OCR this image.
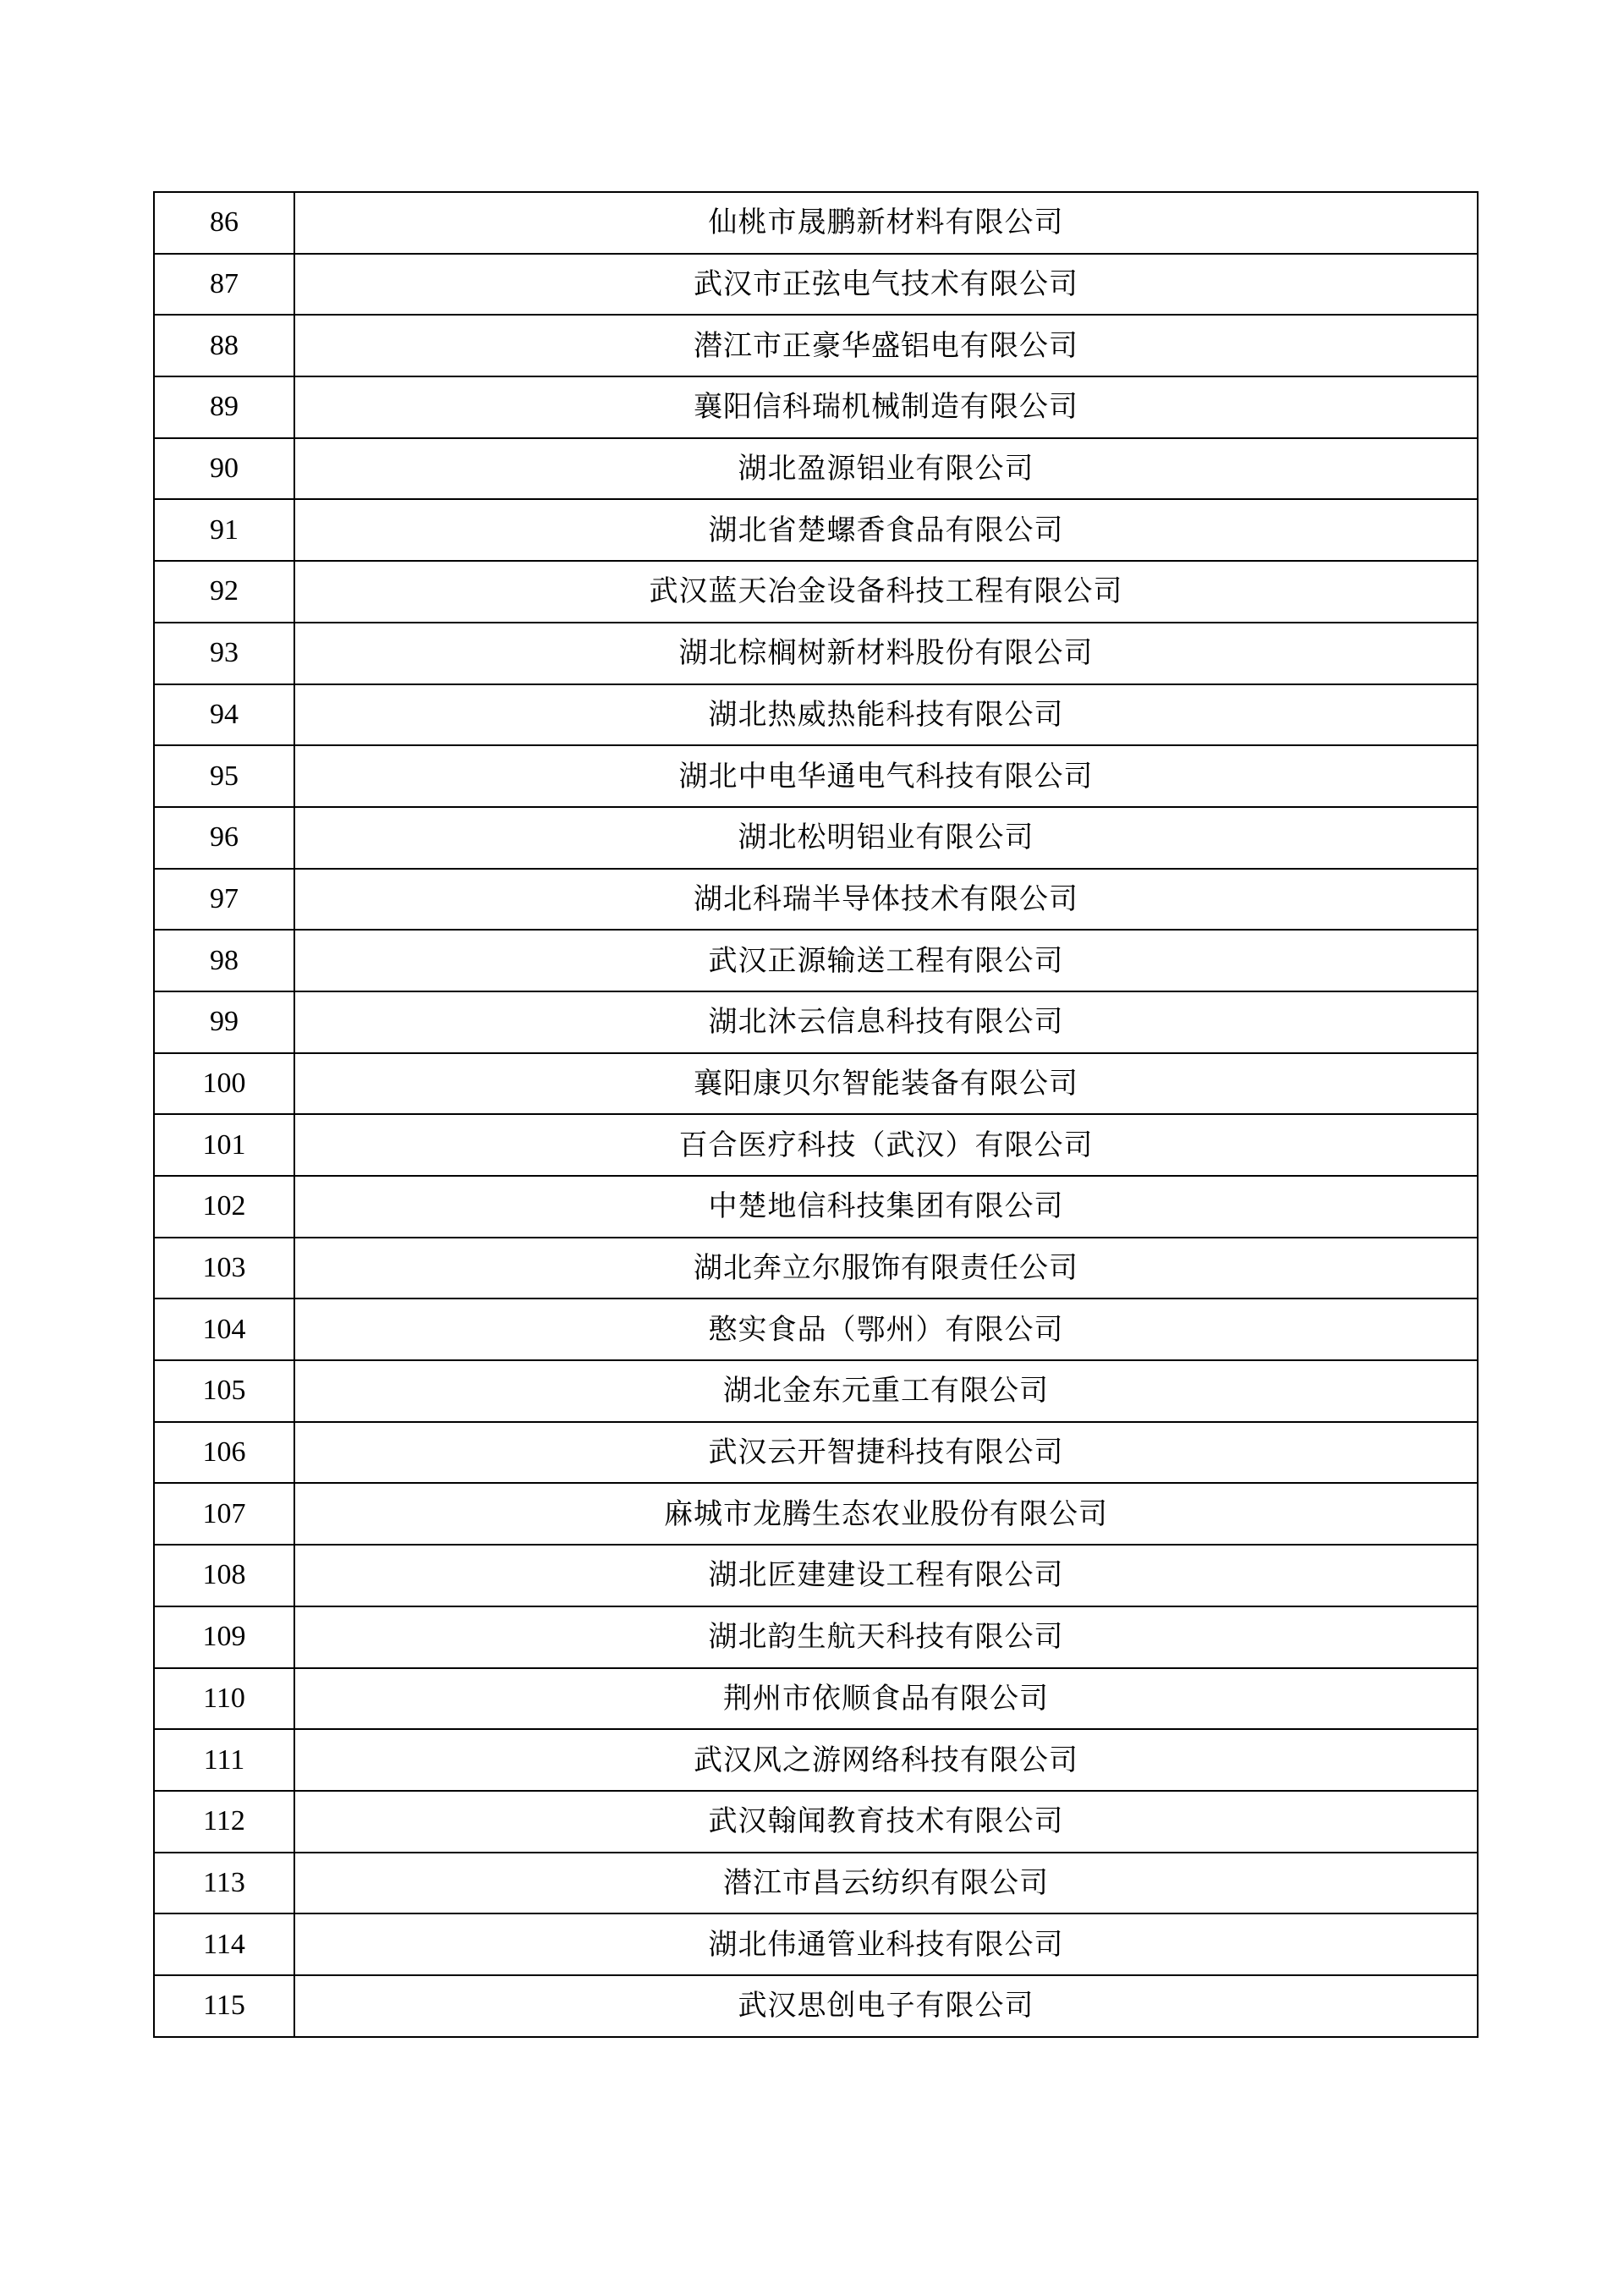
86	仙桃市晟鹏新材料有限公司
87	武汉市正弦电气技术有限公司
88	潜江市正豪华盛铝电有限公司
89	襄阳信科瑞机械制造有限公司
90	湖北盈源铝业有限公司
91	湖北省楚螺香食品有限公司
92	武汉蓝天冶金设备科技工程有限公司
93	湖北棕榈树新材料股份有限公司
94	湖北热威热能科技有限公司
95	湖北中电华通电气科技有限公司
96	湖北松明铝业有限公司
97	湖北科瑞半导体技术有限公司
98	武汉正源输送工程有限公司
99	湖北沐云信息科技有限公司
100	襄阳康贝尔智能装备有限公司
101	百合医疗科技（武汉）有限公司
102	中楚地信科技集团有限公司
103	湖北奔立尔服饰有限责任公司
104	憨实食品（鄂州）有限公司
105	湖北金东元重工有限公司
106	武汉云开智捷科技有限公司
107	麻城市龙腾生态农业股份有限公司
108	湖北匠建建设工程有限公司
109	湖北韵生航天科技有限公司
110	荆州市依顺食品有限公司
111	武汉风之游网络科技有限公司
112	武汉翰闻教育技术有限公司
113	潜江市昌云纺织有限公司
114	湖北伟通管业科技有限公司
115	武汉思创电子有限公司
